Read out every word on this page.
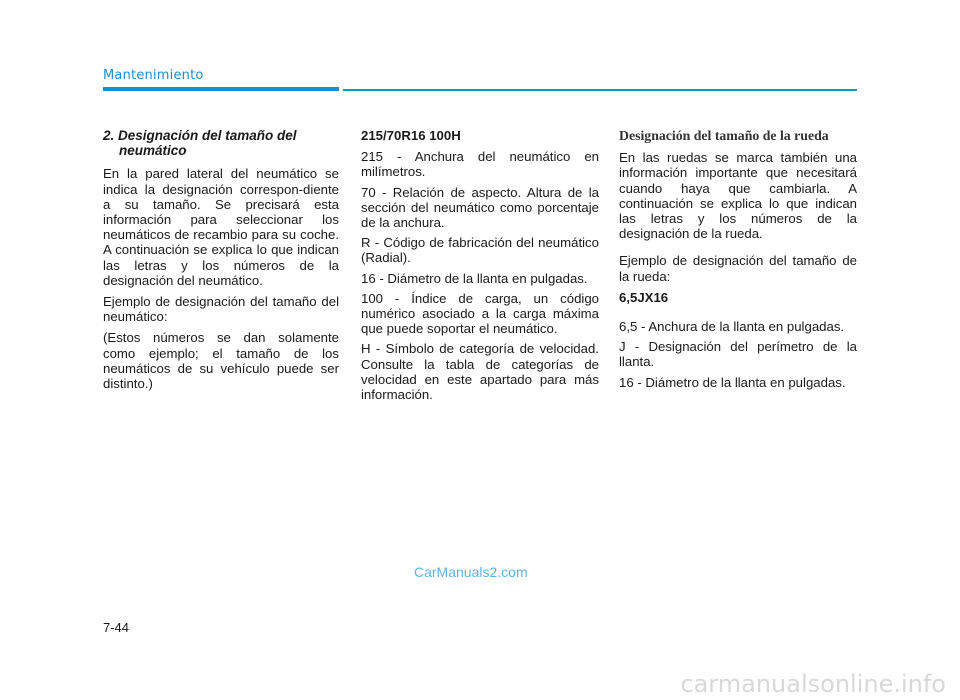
Mantenimiento
2. Designación del tamaño del neumático

En la pared lateral del neumático se indica la designación correspon-diente a su tamaño. Se precisará esta información para seleccionar los neumáticos de recambio para su coche. A continuación se explica lo que indican las letras y los números de la designación del neumático.

Ejemplo de designación del tamaño del neumático:

(Estos números se dan solamente como ejemplo; el tamaño de los neumáticos de su vehículo puede ser distinto.)

215/70R16 100H

215 - Anchura del neumático en milímetros.
70 - Relación de aspecto. Altura de la sección del neumático como porcentaje de la anchura.
R - Código de fabricación del neumático (Radial).
16 - Diámetro de la llanta en pulgadas.
100 - Índice de carga, un código numérico asociado a la carga máxima que puede soportar el neumático.
H - Símbolo de categoría de velocidad. Consulte la tabla de categorías de velocidad en este apartado para más información.
Designación del tamaño de la rueda

En las ruedas se marca también una información importante que necesitará cuando haya que cambiarla. A continuación se explica lo que indican las letras y los números de la designación de la rueda.

Ejemplo de designación del tamaño de la rueda:

6,5JX16

6,5 - Anchura de la llanta en pulgadas.
J - Designación del perímetro de la llanta.
16 - Diámetro de la llanta en pulgadas.
CarManuals2.com
7-44
carmanualsonline.info
